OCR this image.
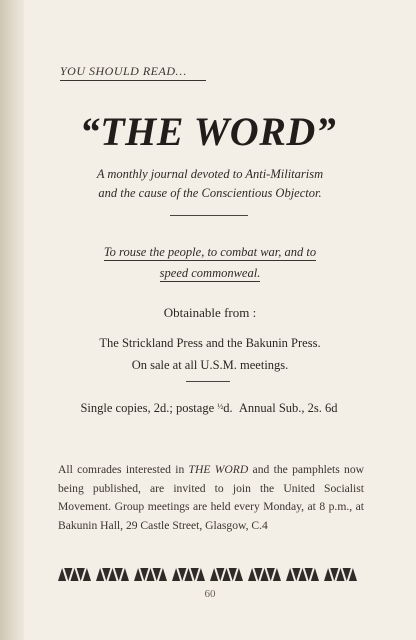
YOU SHOULD READ…

“THE WORD”
A monthly journal devoted to Anti-Militarism
and the cause of the Conscientious Objector.
To rouse the people, to combat war, and to
speed commonweal.

Obtainable from :

The Strickland Press and the Bakunin Press.
On sale at all U.S.M. meetings.

Single copies, 2d.; postage $^{\frac{1}{2}}$d. Annual Sub., 2s. 6d

All comrades interested in THE WORD and the pamphlets now being published, are invited to join the United Socialist Movement. Group meetings are held every Monday, at 8 p.m., at Bakunin Hall, 29 Castle Street, Glasgow, C.4

60
